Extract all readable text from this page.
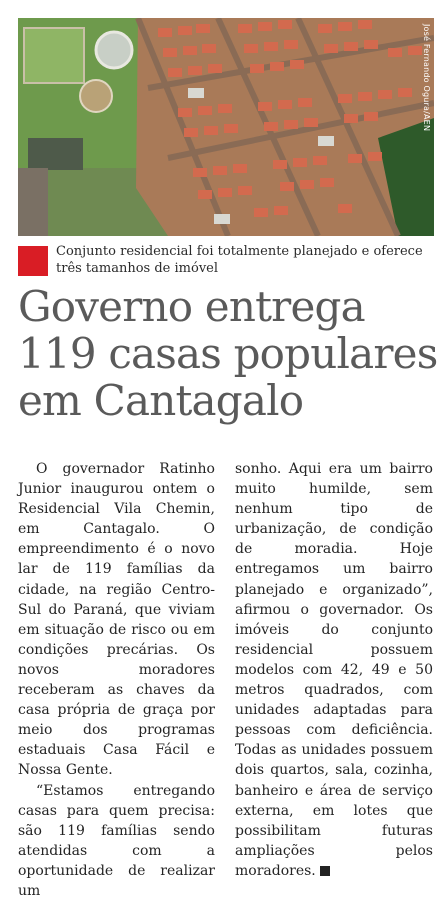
José Fernando Ogura/AEN
Conjunto residencial foi totalmente planejado e oferece três tamanhos de imóvel
Governo entrega
119 casas populares
em Cantagalo

O governador Ratinho Junior inaugurou ontem o Residencial Vila Chemin, em Cantagalo. O empreendimento é o novo lar de 119 famílias da cidade, na região Centro-Sul do Paraná, que viviam em situação de risco ou em condições precárias. Os novos moradores receberam as chaves da casa própria de graça por meio dos programas estaduais Casa Fácil e Nossa Gente.

“Estamos entregando casas para quem precisa: são 119 famílias sendo atendidas com a oportunidade de realizar um

sonho. Aqui era um bairro muito humilde, sem nenhum tipo de urbanização, de condição de moradia. Hoje entregamos um bairro planejado e organizado”, afirmou o governador. Os imóveis do conjunto residencial possuem modelos com 42, 49 e 50 metros quadrados, com unidades adaptadas para pessoas com deficiência. Todas as unidades possuem dois quartos, sala, cozinha, banheiro e área de serviço externa, em lotes que possibilitam futuras ampliações pelos moradores.
